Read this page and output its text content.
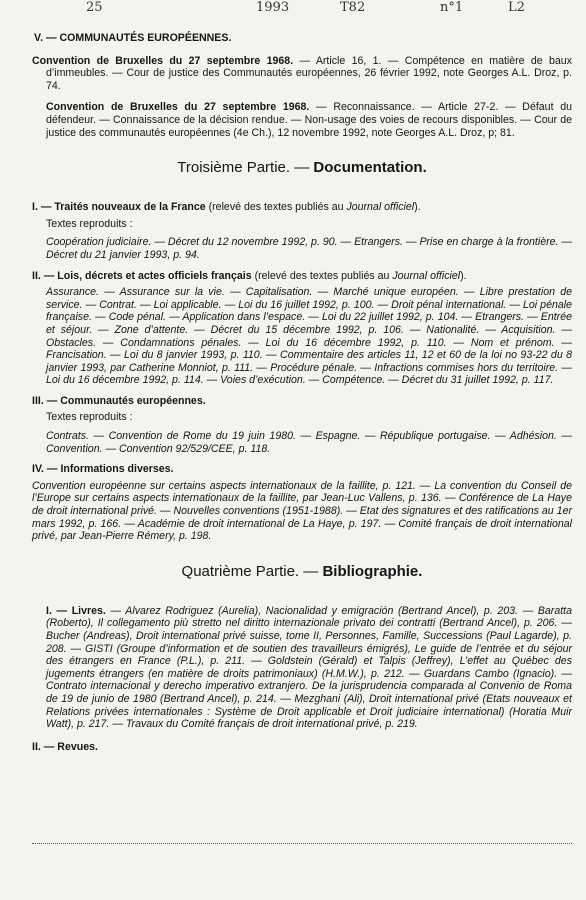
25	1993	T82	n°1	L2
V. — COMMUNAUTÉS EUROPÉENNES.
Convention de Bruxelles du 27 septembre 1968. — Article 16, 1. — Compétence en matière de baux d’immeubles. — Cour de justice des Communautés européennes, 26 février 1992, note Georges A.L. Droz, p. 74.
Convention de Bruxelles du 27 septembre 1968. — Reconnaissance. — Article 27-2. — Défaut du défendeur. — Connaissance de la décision rendue. — Non-usage des voies de recours disponibles. — Cour de justice des communautés européennes (4e Ch.), 12 novembre 1992, note Georges A.L. Droz, p; 81.
Troisième Partie. — Documentation.
I. — Traités nouveaux de la France (relevé des textes publiés au Journal officiel).
Textes reproduits :
Coopération judiciaire. — Décret du 12 novembre 1992, p. 90. — Etrangers. — Prise en charge à la frontière. — Décret du 21 janvier 1993, p. 94.
II. — Lois, décrets et actes officiels français (relevé des textes publiés au Journal officiel).
Assurance. — Assurance sur la vie. — Capitalisation. — Marché unique européen. — Libre prestation de service. — Contrat. — Loi applicable. — Loi du 16 juillet 1992, p. 100. — Droit pénal international. — Loi pénale française. — Code pénal. — Application dans l’espace. — Loi du 22 juillet 1992, p. 104. — Etrangers. — Entrée et séjour. — Zone d’attente. — Décret du 15 décembre 1992, p. 106. — Nationalité. — Acquisition. — Obstacles. — Condamnations pénales. — Loi du 16 décembre 1992, p. 110. — Nom et prénom. — Francisation. — Loi du 8 janvier 1993, p. 110. — Commentaire des articles 11, 12 et 60 de la loi no 93-22 du 8 janvier 1993, par Catherine Monniot, p. 111. — Procédure pénale. — Infractions commises hors du territoire. — Loi du 16 décembre 1992, p. 114. — Voies d’exécution. — Compétence. — Décret du 31 juillet 1992, p. 117.
III. — Communautés européennes.
Textes reproduits :
Contrats. — Convention de Rome du 19 juin 1980. — Espagne. — République portugaise. — Adhésion. — Convention. — Convention 92/529/CEE, p. 118.
IV. — Informations diverses.
Convention européenne sur certains aspects internationaux de la faillite, p. 121. — La convention du Conseil de l’Europe sur certains aspects internationaux de la faillite, par Jean-Luc Vallens, p. 136. — Conférence de La Haye de droit international privé. — Nouvelles conventions (1951-1988). — Etat des signatures et des ratifications au 1er mars 1992, p. 166. — Académie de droit international de La Haye, p. 197. — Comité français de droit international privé, par Jean-Pierre Rémery, p. 198.
Quatrième Partie. — Bibliographie.
I. — Livres. — Alvarez Rodriguez (Aurelia), Nacionalidad y emigración (Bertrand Ancel), p. 203. — Baratta (Roberto), Il collegamento più stretto nel diritto internazionale privato dei contratti (Bertrand Ancel), p. 206. — Bucher (Andreas), Droit international privé suisse, tome II, Personnes, Famille, Successions (Paul Lagarde), p. 208. — GISTI (Groupe d’information et de soutien des travailleurs émigrés), Le guide de l’entrée et du séjour des étrangers en France (P.L.), p. 211. — Goldstein (Gérald) et Talpis (Jeffrey), L’effet au Québec des jugements étrangers (en matière de droits patrimoniaux) (H.M.W.), p. 212. — Guardans Cambo (Ignacio). — Contrato internacional y derecho imperativo extranjero. De la jurisprudencia comparada al Convenio de Roma de 19 de junio de 1980 (Bertrand Ancel), p. 214. — Mezghani (Ali), Droit international privé (Etats nouveaux et Relations privées internationales : Système de Droit applicable et Droit judiciaire international) (Horatia Muir Watt), p. 217. — Travaux du Comité français de droit international privé, p. 219.
II. — Revues.
